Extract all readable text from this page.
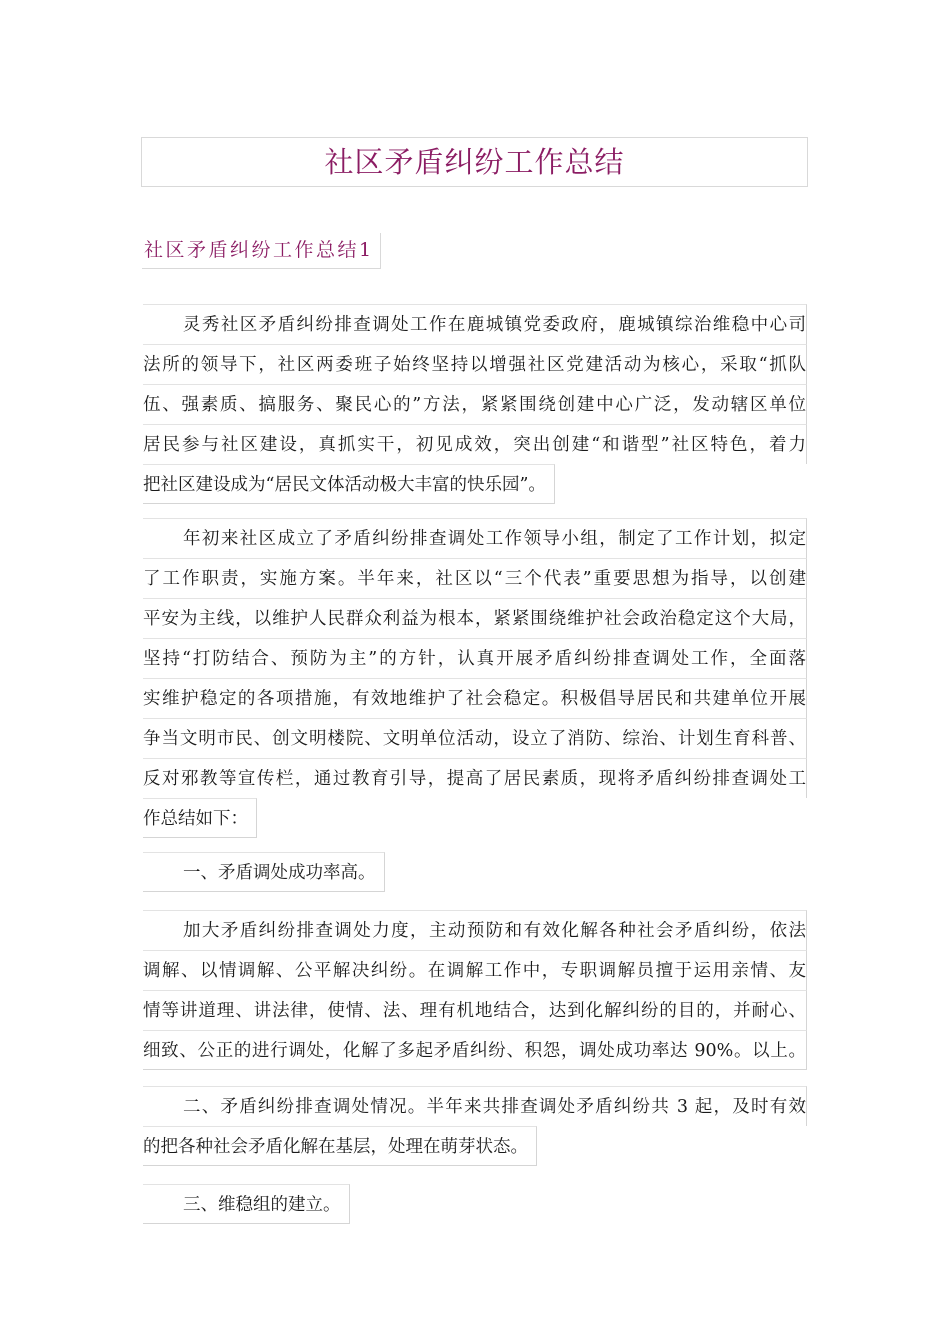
社区矛盾纠纷工作总结
社区矛盾纠纷工作总结1
灵秀社区矛盾纠纷排查调处工作在鹿城镇党委政府，鹿城镇综治维稳中心司
法所的领导下，社区两委班子始终坚持以增强社区党建活动为核心，采取“抓队
伍、强素质、搞服务、聚民心的”方法，紧紧围绕创建中心广泛，发动辖区单位
居民参与社区建设，真抓实干，初见成效，突出创建“和谐型”社区特色，着力
把社区建设成为“居民文体活动极大丰富的快乐园”。
年初来社区成立了矛盾纠纷排查调处工作领导小组，制定了工作计划，拟定
了工作职责，实施方案。半年来，社区以“三个代表”重要思想为指导，以创建
平安为主线，以维护人民群众利益为根本，紧紧围绕维护社会政治稳定这个大局，
坚持“打防结合、预防为主”的方针，认真开展矛盾纠纷排查调处工作，全面落
实维护稳定的各项措施，有效地维护了社会稳定。积极倡导居民和共建单位开展
争当文明市民、创文明楼院、文明单位活动，设立了消防、综治、计划生育科普、
反对邪教等宣传栏，通过教育引导，提高了居民素质，现将矛盾纠纷排查调处工
作总结如下：
一、矛盾调处成功率高。
加大矛盾纠纷排查调处力度，主动预防和有效化解各种社会矛盾纠纷，依法
调解、以情调解、公平解决纠纷。在调解工作中，专职调解员擅于运用亲情、友
情等讲道理、讲法律，使情、法、理有机地结合，达到化解纠纷的目的，并耐心、
细致、公正的进行调处，化解了多起矛盾纠纷、积怨，调处成功率达 90%。以上。
二、矛盾纠纷排查调处情况。半年来共排查调处矛盾纠纷共 3 起，及时有效
的把各种社会矛盾化解在基层，处理在萌芽状态。
三、维稳组的建立。
